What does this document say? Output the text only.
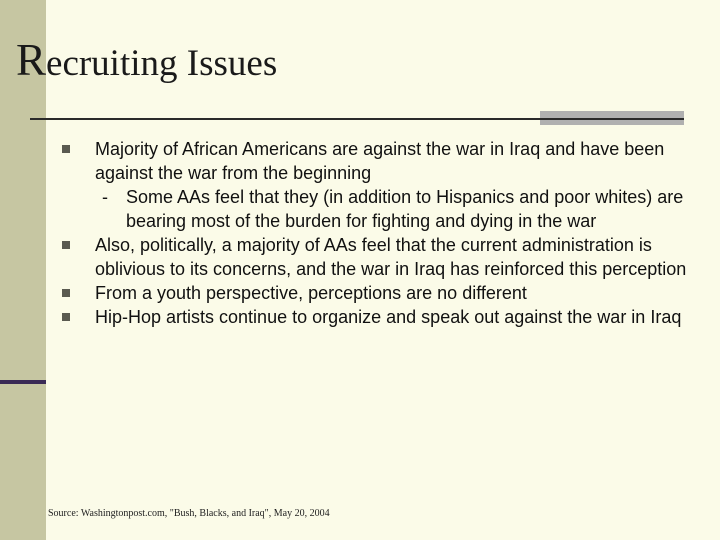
Recruiting Issues
Majority of African Americans are against the war in Iraq and have been against the war from the beginning
- Some AAs feel that they (in addition to Hispanics and poor whites) are bearing most of the burden for fighting and dying in the war
Also, politically, a majority of AAs feel that the current administration is oblivious to its concerns, and the war in Iraq has reinforced this perception
From a youth perspective, perceptions are no different
Hip-Hop artists continue to organize and speak out against the war in Iraq
Source: Washingtonpost.com, "Bush, Blacks, and Iraq", May 20, 2004
